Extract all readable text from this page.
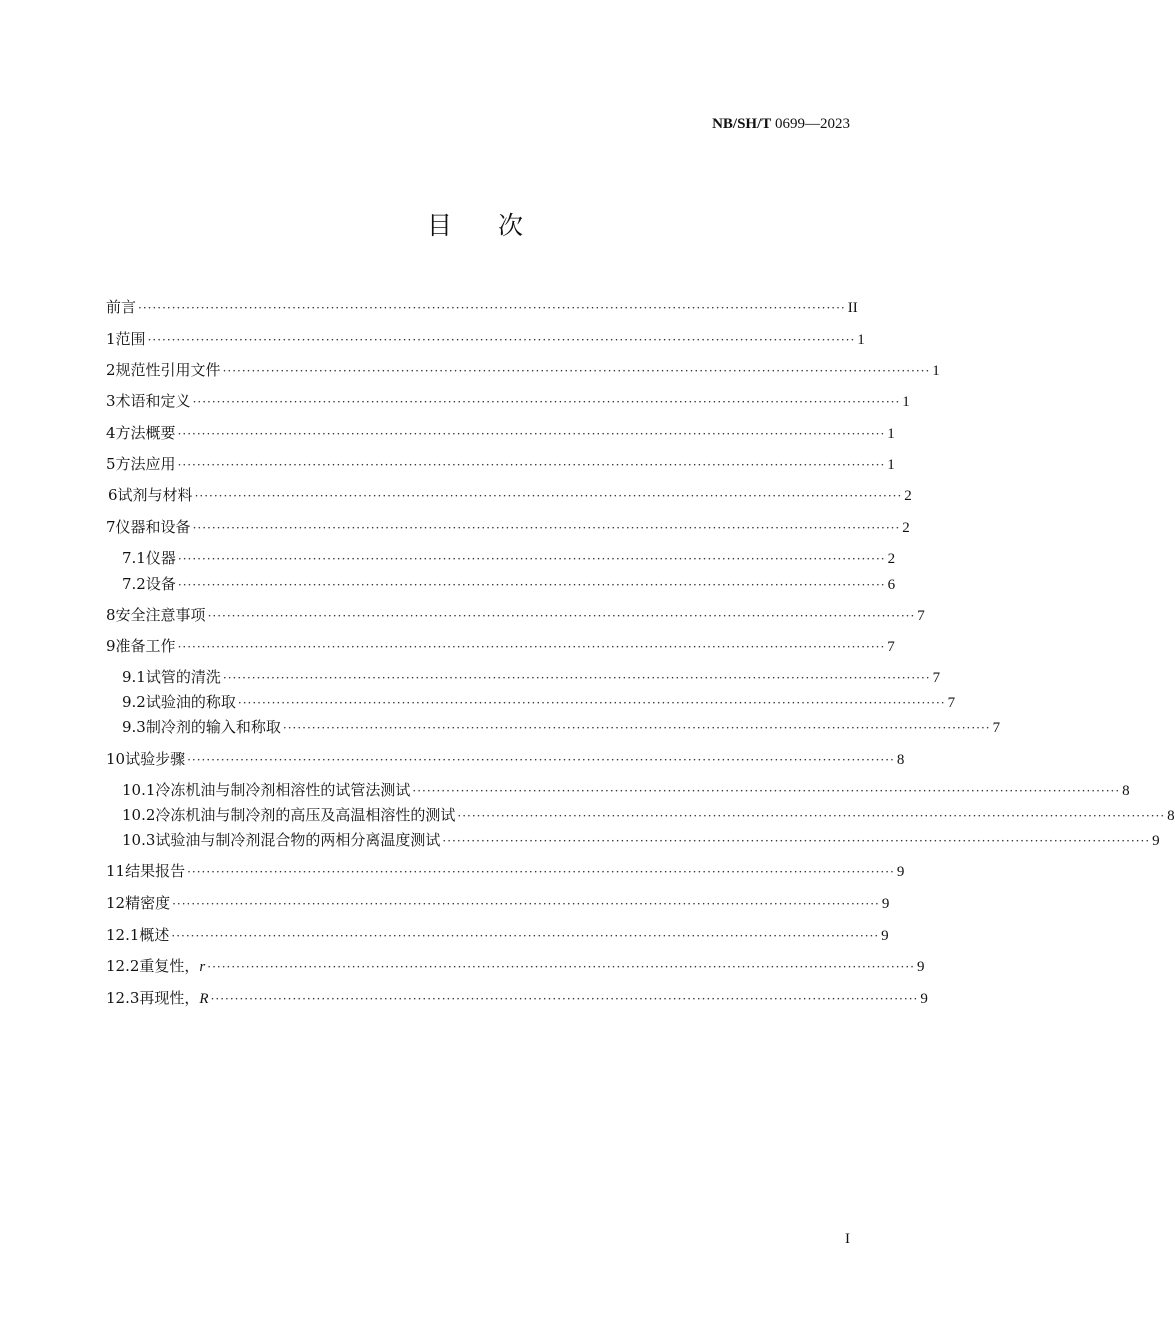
NB/SH/T 0699—2023
目次
前言 ··················································································································································· II
1 范围 ··················································································································································· 1
2 规范性引用文件 ··················································································································································· 1
3 术语和定义 ··················································································································································· 1
4 方法概要 ··················································································································································· 1
5 方法应用 ··················································································································································· 1
6 试剂与材料 ··················································································································································· 2
7 仪器和设备 ··················································································································································· 2
7.1 仪器 ··················································································································································· 2
7.2 设备 ··················································································································································· 6
8 安全注意事项 ··················································································································································· 7
9 准备工作 ··················································································································································· 7
9.1 试管的清洗 ··················································································································································· 7
9.2 试验油的称取 ··················································································································································· 7
9.3 制冷剂的输入和称取 ··················································································································································· 7
10 试验步骤 ··················································································································································· 8
10.1 冷冻机油与制冷剂相溶性的试管法测试 ··················································································································································· 8
10.2 冷冻机油与制冷剂的高压及高温相溶性的测试 ··················································································································································· 8
10.3 试验油与制冷剂混合物的两相分离温度测试 ··················································································································································· 9
11 结果报告 ··················································································································································· 9
12 精密度 ··················································································································································· 9
12.1 概述 ··················································································································································· 9
12.2 重复性， r ··················································································································································· 9
12.3 再现性， R ··················································································································································· 9
I
